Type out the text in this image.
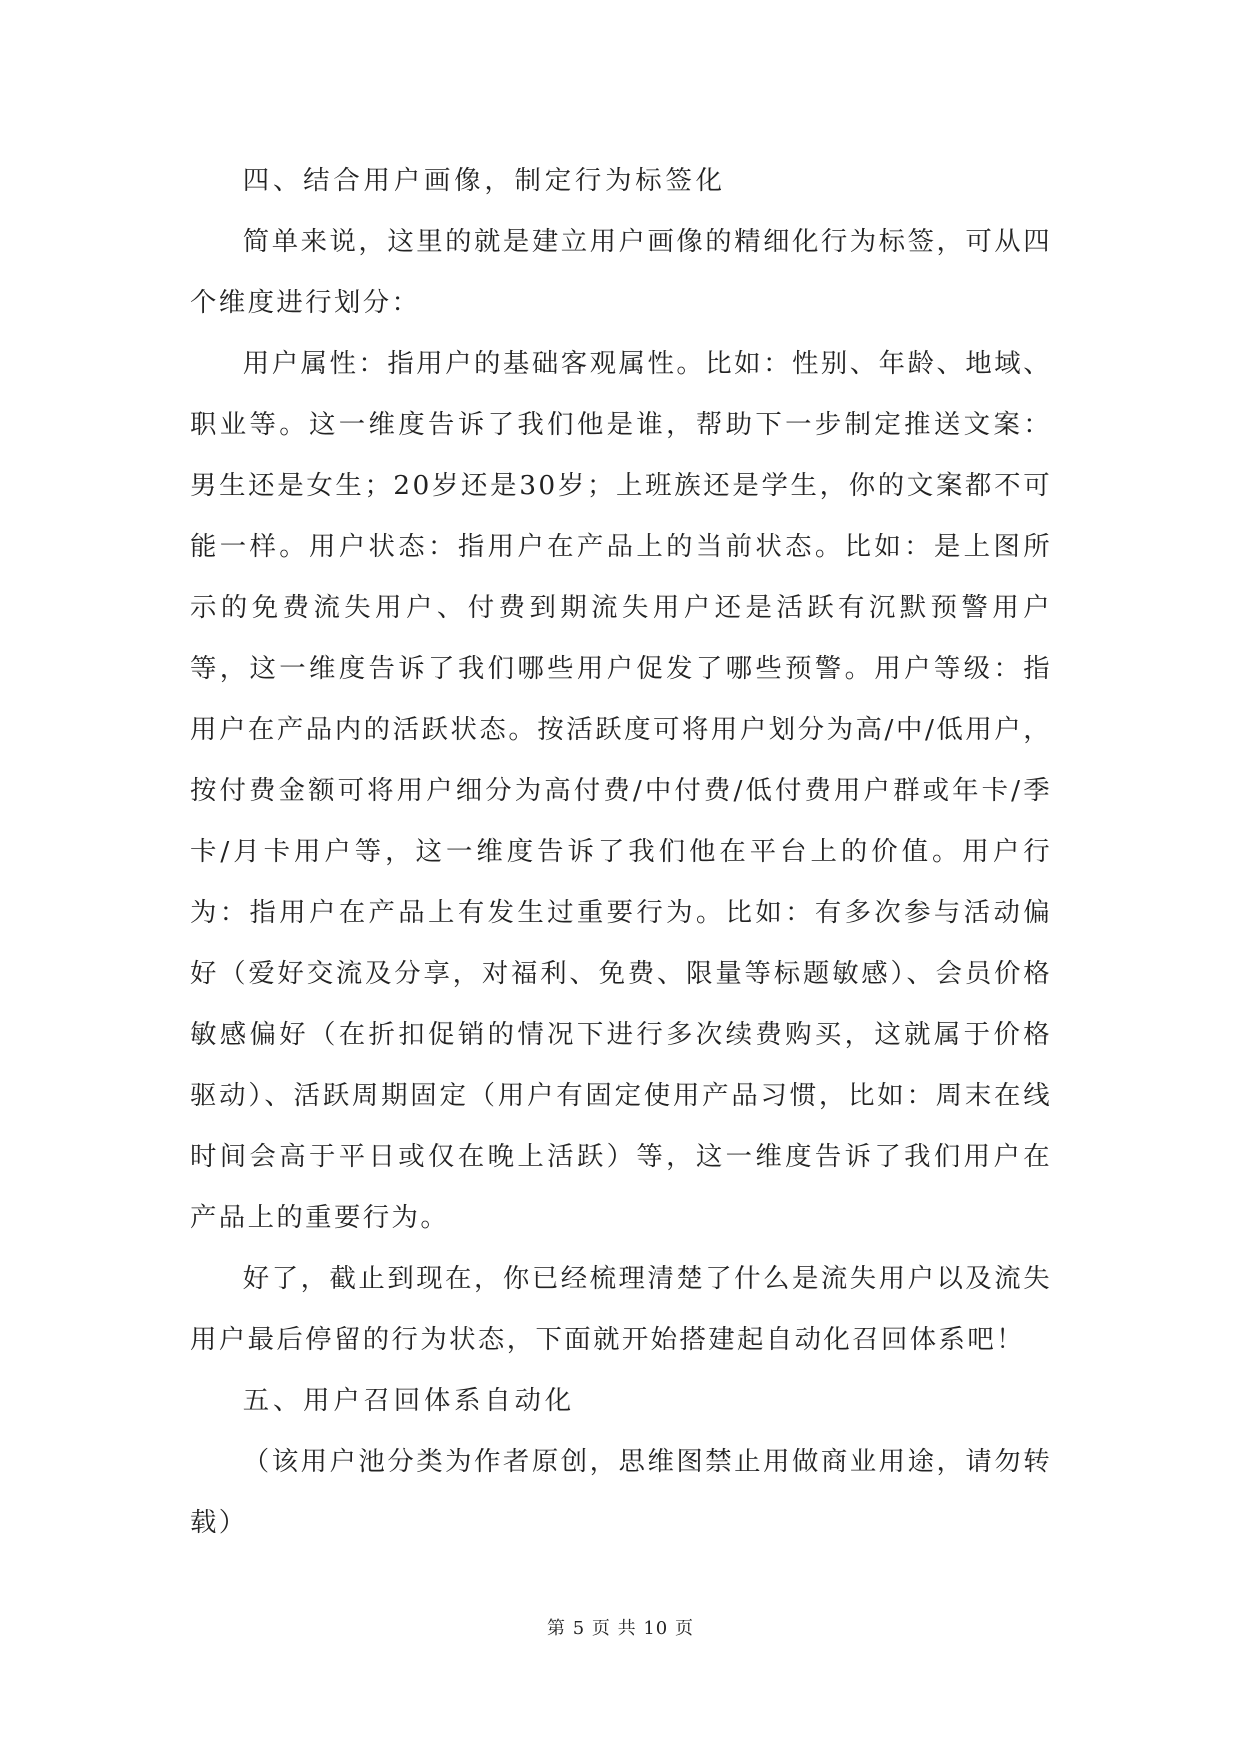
四、结合用户画像，制定行为标签化

简单来说，这里的就是建立用户画像的精细化行为标签，可从四个维度进行划分：

用户属性：指用户的基础客观属性。比如：性别、年龄、地域、职业等。这一维度告诉了我们他是谁，帮助下一步制定推送文案：男生还是女生；20岁还是30岁；上班族还是学生，你的文案都不可能一样。用户状态：指用户在产品上的当前状态。比如：是上图所示的免费流失用户、付费到期流失用户还是活跃有沉默预警用户等，这一维度告诉了我们哪些用户促发了哪些预警。用户等级：指用户在产品内的活跃状态。按活跃度可将用户划分为高/中/低用户，按付费金额可将用户细分为高付费/中付费/低付费用户群或年卡/季卡/月卡用户等，这一维度告诉了我们他在平台上的价值。用户行为：指用户在产品上有发生过重要行为。比如：有多次参与活动偏好（爱好交流及分享，对福利、免费、限量等标题敏感）、会员价格敏感偏好（在折扣促销的情况下进行多次续费购买，这就属于价格驱动）、活跃周期固定（用户有固定使用产品习惯，比如：周末在线时间会高于平日或仅在晚上活跃）等，这一维度告诉了我们用户在产品上的重要行为。

好了，截止到现在，你已经梳理清楚了什么是流失用户以及流失用户最后停留的行为状态，下面就开始搭建起自动化召回体系吧！

五、用户召回体系自动化

（该用户池分类为作者原创，思维图禁止用做商业用途，请勿转载）

第 5 页 共 10 页
